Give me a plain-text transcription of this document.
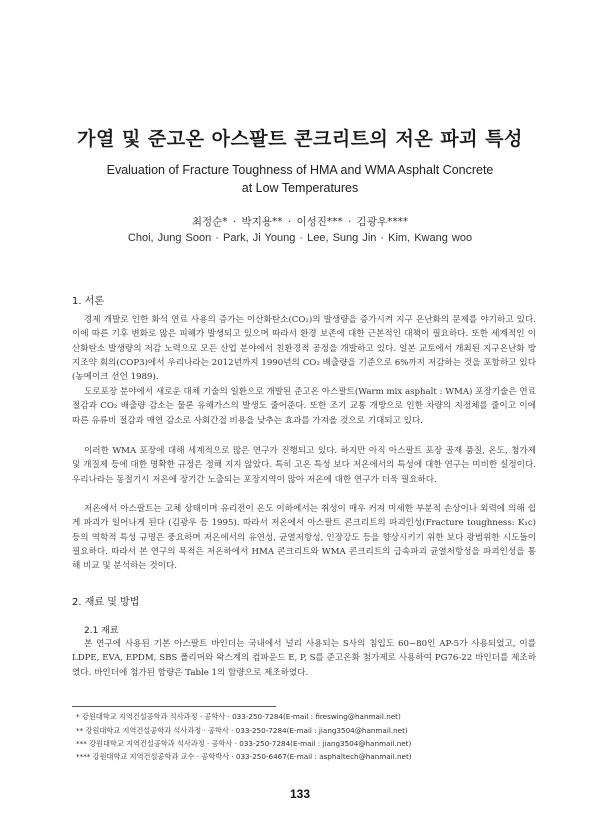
가열 및 준고온 아스팔트 콘크리트의 저온 파괴 특성
Evaluation of Fracture Toughness of HMA and WMA Asphalt Concrete
at Low Temperatures
최정순* · 박지용** · 이성진*** · 김광우****
Choi, Jung Soon · Park, Ji Young · Lee, Sung Jin · Kim, Kwang woo
1. 서론

경제 개발로 인한 화석 연료 사용의 증가는 이산화탄소(CO₂)의 발생량을 증가시켜 지구 온난화의 문제를 야기하고 있다. 이에 따른 기후 변화로 많은 피해가 발생되고 있으며 따라서 환경 보존에 대한 근본적인 대책이 필요하다. 또한 세계적인 이산화탄소 발생량의 저감 노력으로 모든 산업 분야에서 친환경적 공정을 개발하고 있다. 일본 교토에서 개최된 지구온난화 방지조약 회의(COP3)에서 우리나라는 2012년까지 1990년의 CO₂ 배출량을 기준으로 6%까지 저감하는 것을 포함하고 있다 (농메이크 선언 1989).

도로포장 분야에서 새로운 대체 기술의 일환으로 개발된 준고온 아스팔트(Warm mix asphalt : WMA) 포장기술은 연료 절감과 CO₂ 배출량 감소는 물론 유해가스의 발생도 줄어준다. 또한 조기 교통 개방으로 인한 차량의 지정체를 줄이고 이에 따른 유류비 절감과 매연 감소로 사회간접 비용을 낮추는 효과를 가져올 것으로 기대되고 있다.

이러한 WMA 포장에 대해 세계적으로 많은 연구가 진행되고 있다. 하지만 아직 아스팔트 포장 골재 품질, 온도, 첨가제 및 개질제 등에 대한 명확한 규정은 정해 지지 않았다. 특히 고온 특성 보다 저온에서의 특성에 대한 연구는 미비한 실정이다. 우리나라는 동절기시 저온에 장기간 노출되는 포장지역이 많아 저온에 대한 연구가 더욱 필요하다.

저온에서 아스팔트는 고체 상태이며 유리전이 온도 이하에서는 취성이 매우 커져 미세한 부분적 손상이나 외력에 의해 쉽게 파괴가 일어나게 된다 (김광우 등 1995). 따라서 저온에서 아스팔트 콘크리트의 파괴인성(Fracture toughness: K₁c) 등의 역학적 특성 규명은 중요하며 저온에서의 유연성, 균열저항성, 인장강도 등을 향상시키기 위한 보다 광범위한 시도들이 필요하다. 따라서 본 연구의 목적은 저온하에서 HMA 콘크리트와 WMA 콘크리트의 급속파괴 균열저항성을 파괴인성을 통해 비교 및 분석하는 것이다.

2. 재료 및 방법
2.1 재료

본 연구에 사용된 기본 아스팔트 바인더는 국내에서 널리 사용되는 S사의 침입도 60~80인 AP-5가 사용되었고, 이를 LDPE, EVA, EPDM, SBS 폴리머와 왁스계의 컴파운드 E, P, S를 준고온화 첨가제로 사용하여 PG76-22 바인더를 제조하였다. 바인더에 첨가된 함량은 Table 1의 함량으로 제조하였다.

* 강원대학교 지역건설공학과 석사과정 · 공학사 · 033-250-7284(E-mail : fireswing@hanmail.net)

** 강원대학교 지역건설공학과 석사과정 · 공학사 · 033-250-7284(E-mail : jiang3504@hanmail.net)

*** 강원대학교 지역건설공학과 석사과정 · 공학사 · 033-250-7284(E-mail : jiang3504@hanmail.net)

**** 강원대학교 지역건설공학과 교수 · 공학박사 · 033-250-6467(E-mail : asphaltech@hanmail.net)

133
